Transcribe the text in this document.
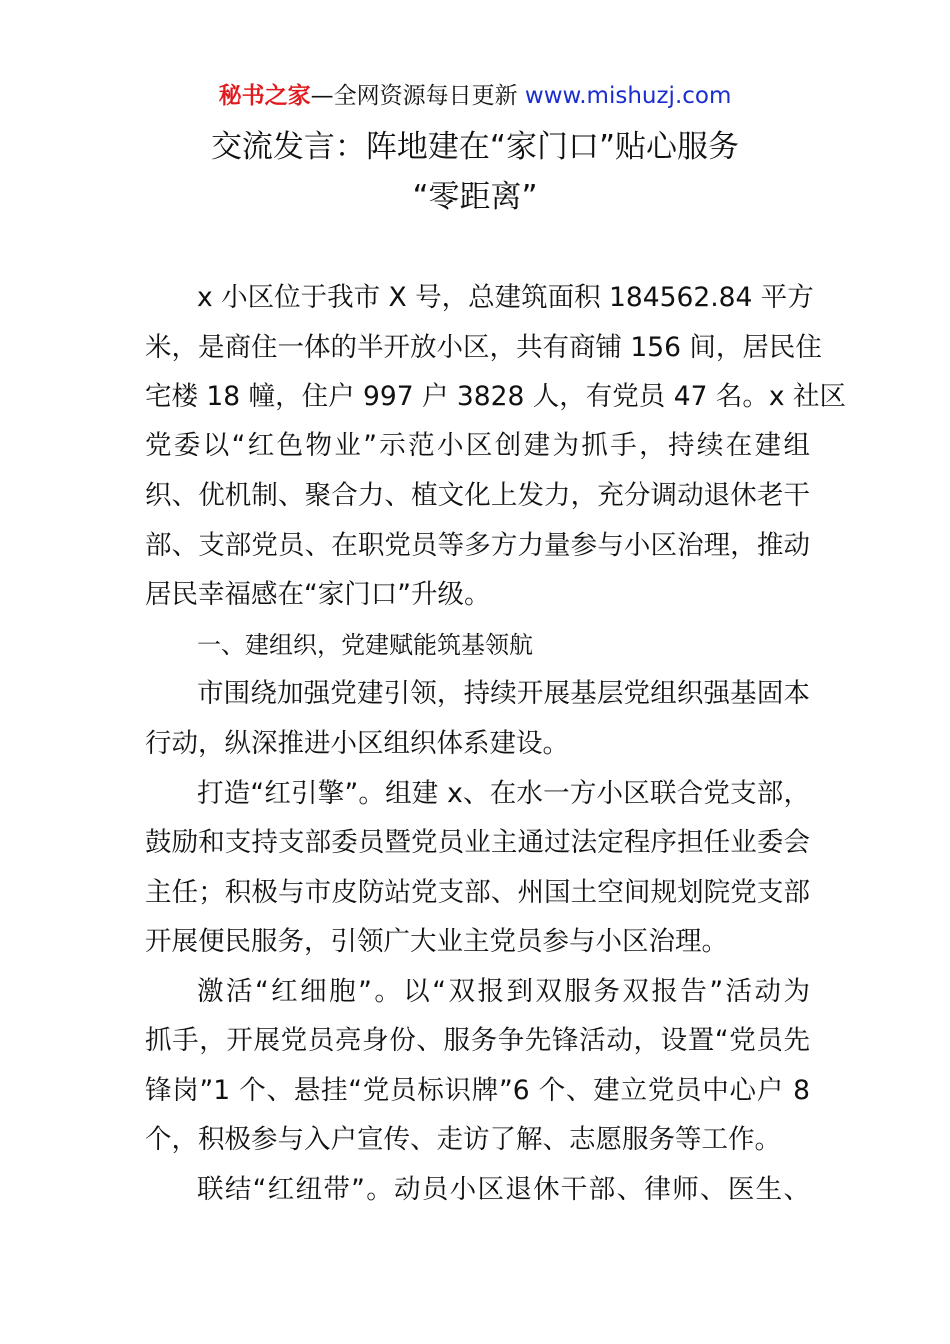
秘书之家—全网资源每日更新 www.mishuzj.com
交流发言：阵地建在“家门口”贴心服务
“零距离”
x 小区位于我市 X 号，总建筑面积 184562.84 平方
米，是商住一体的半开放小区，共有商铺 156 间，居民住
宅楼 18 幢，住户 997 户 3828 人，有党员 47 名。x 社区
党委以“红色物业”示范小区创建为抓手，持续在建组
织、优机制、聚合力、植文化上发力，充分调动退休老干
部、支部党员、在职党员等多方力量参与小区治理，推动
居民幸福感在“家门口”升级。
一、建组织，党建赋能筑基领航
市围绕加强党建引领，持续开展基层党组织强基固本
行动，纵深推进小区组织体系建设。
打造“红引擎”。组建 x、在水一方小区联合党支部，
鼓励和支持支部委员暨党员业主通过法定程序担任业委会
主任；积极与市皮防站党支部、州国土空间规划院党支部
开展便民服务，引领广大业主党员参与小区治理。
激活“红细胞”。以“双报到双服务双报告”活动为
抓手，开展党员亮身份、服务争先锋活动，设置“党员先
锋岗”1 个、悬挂“党员标识牌”6 个、建立党员中心户 8
个，积极参与入户宣传、走访了解、志愿服务等工作。
联结“红纽带”。动员小区退休干部、律师、医生、
